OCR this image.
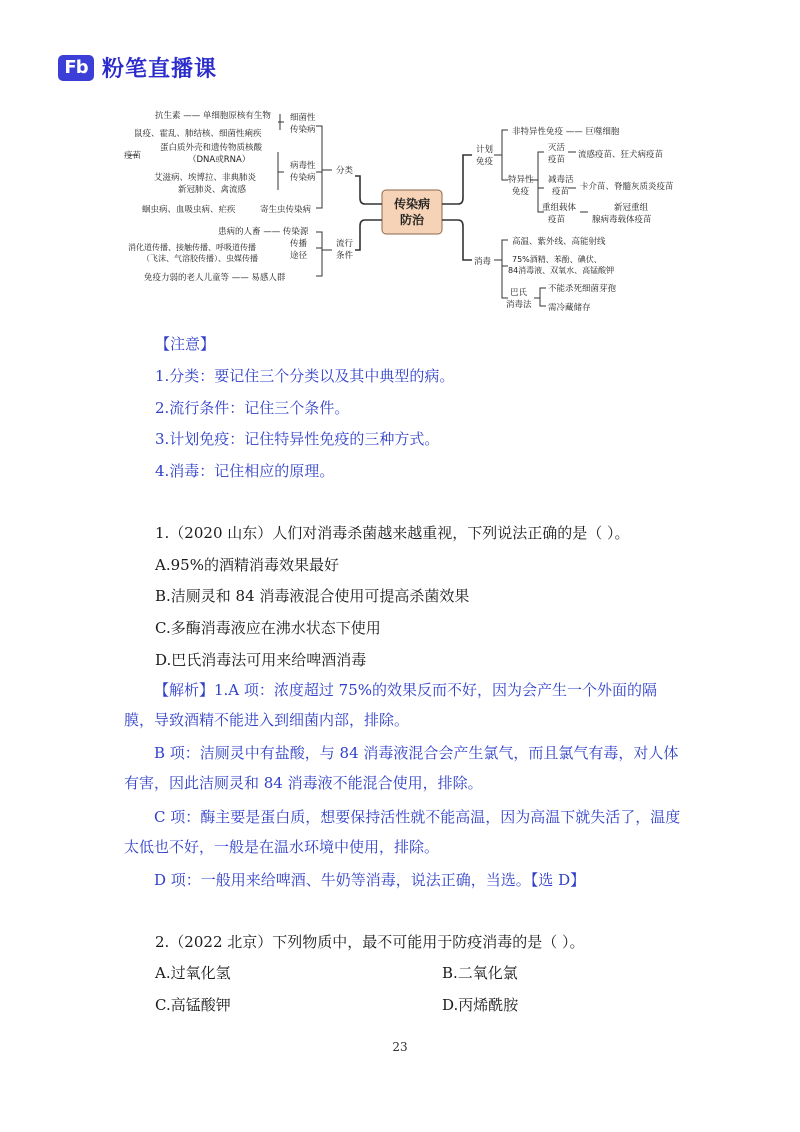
Fb 粉笔直播课
传染病
防治
抗生素 —— 单细胞原核有生物
鼠疫、霍乱、肺结核、细菌性痢疾
细菌性
传染病
疫苗
蛋白质外壳和遗传物质核酸
（DNA或RNA）
艾滋病、埃博拉、非典肺炎
新冠肺炎、禽流感
病毒性
传染病
分类
蛔虫病、血吸虫病、疟疾	寄生虫传染病
患病的人畜 —— 传染源
消化道传播、接触传播、呼吸道传播
（飞沫、气溶胶传播）、虫媒传播
传播
途径
流行
条件
免疫力弱的老人儿童等 —— 易感人群
计划
免疫
非特异性免疫 —— 巨噬细胞
特异性
免疫
灭活
疫苗 流感疫苗、狂犬病疫苗
减毒活
疫苗 卡介苗、脊髓灰质炎疫苗
重组载体
疫苗
新冠重组
腺病毒载体疫苗
消毒
高温、紫外线、高能射线
75%酒精、苯酚、碘伏、
84消毒液、双氧水、高锰酸钾
巴氏
消毒法
不能杀死细菌芽孢
需冷藏储存
【注意】
1.分类：要记住三个分类以及其中典型的病。
2.流行条件：记住三个条件。
3.计划免疫：记住特异性免疫的三种方式。
4.消毒：记住相应的原理。
1.（2020 山东）人们对消毒杀菌越来越重视，下列说法正确的是（ ）。
A.95%的酒精消毒效果最好
B.洁厕灵和 84 消毒液混合使用可提高杀菌效果
C.多酶消毒液应在沸水状态下使用
D.巴氏消毒法可用来给啤酒消毒
【解析】1.A 项：浓度超过 75%的效果反而不好，因为会产生一个外面的隔膜，导致酒精不能进入到细菌内部，排除。
B 项：洁厕灵中有盐酸，与 84 消毒液混合会产生氯气，而且氯气有毒，对人体有害，因此洁厕灵和 84 消毒液不能混合使用，排除。
C 项：酶主要是蛋白质，想要保持活性就不能高温，因为高温下就失活了，温度太低也不好，一般是在温水环境中使用，排除。
D 项：一般用来给啤酒、牛奶等消毒，说法正确，当选。【选 D】
2.（2022 北京）下列物质中，最不可能用于防疫消毒的是（ ）。
A.过氧化氢	B.二氧化氯
C.高锰酸钾	D.丙烯酰胺
23
